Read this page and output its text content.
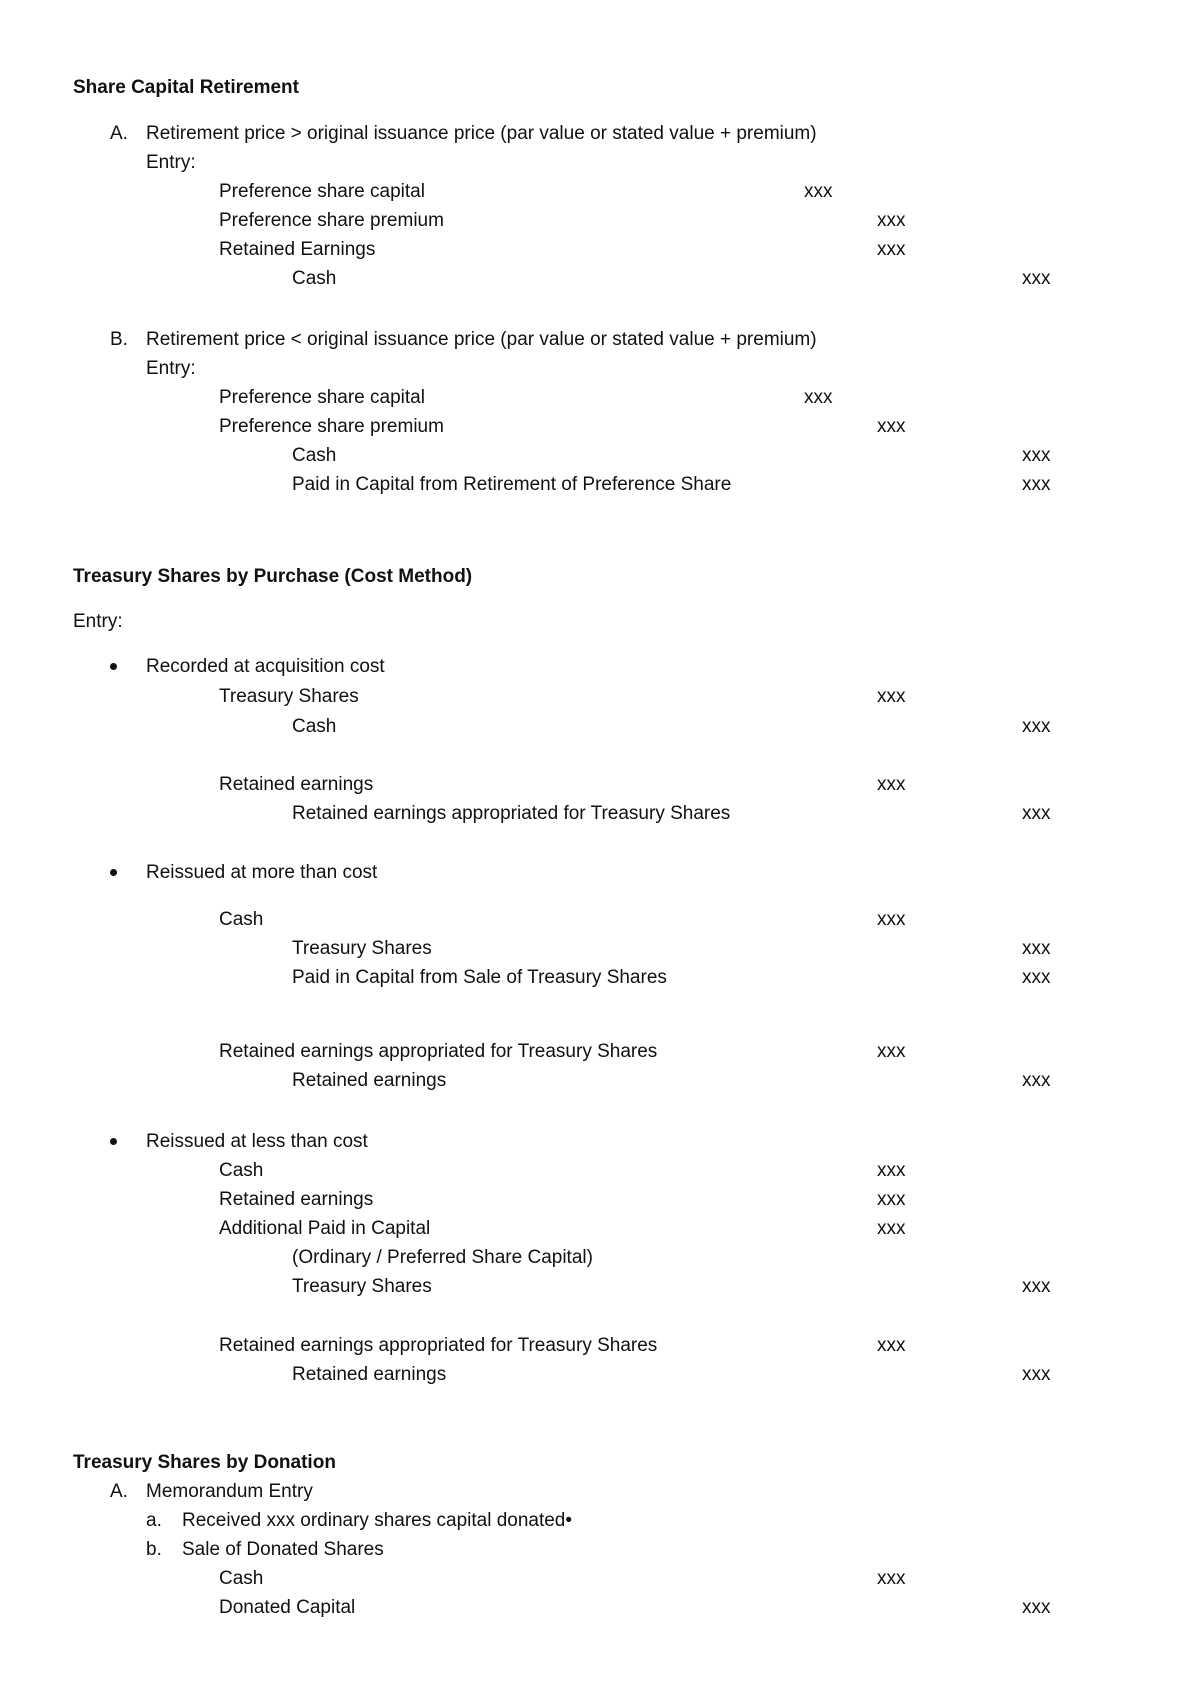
Share Capital Retirement
A. Retirement price > original issuance price (par value or stated value + premium)
Entry:
Preference share capital	xxx
Preference share premium	xxx
Retained Earnings	xxx
Cash	xxx
B. Retirement price < original issuance price (par value or stated value + premium)
Entry:
Preference share capital	xxx
Preference share premium	xxx
Cash	xxx
Paid in Capital from Retirement of Preference Share	xxx
Treasury Shares by Purchase (Cost Method)
Entry:
Recorded at acquisition cost
Treasury Shares	xxx
Cash	xxx
Retained earnings	xxx
Retained earnings appropriated for Treasury Shares	xxx
Reissued at more than cost
Cash	xxx
Treasury Shares	xxx
Paid in Capital from Sale of Treasury Shares	xxx
Retained earnings appropriated for Treasury Shares	xxx
Retained earnings	xxx
Reissued at less than cost
Cash	xxx
Retained earnings	xxx
Additional Paid in Capital	xxx
(Ordinary / Preferred Share Capital)
Treasury Shares	xxx
Retained earnings appropriated for Treasury Shares	xxx
Retained earnings	xxx
Treasury Shares by Donation
A. Memorandum Entry
a. Received xxx ordinary shares capital donated•
b. Sale of Donated Shares
Cash	xxx
Donated Capital	xxx
